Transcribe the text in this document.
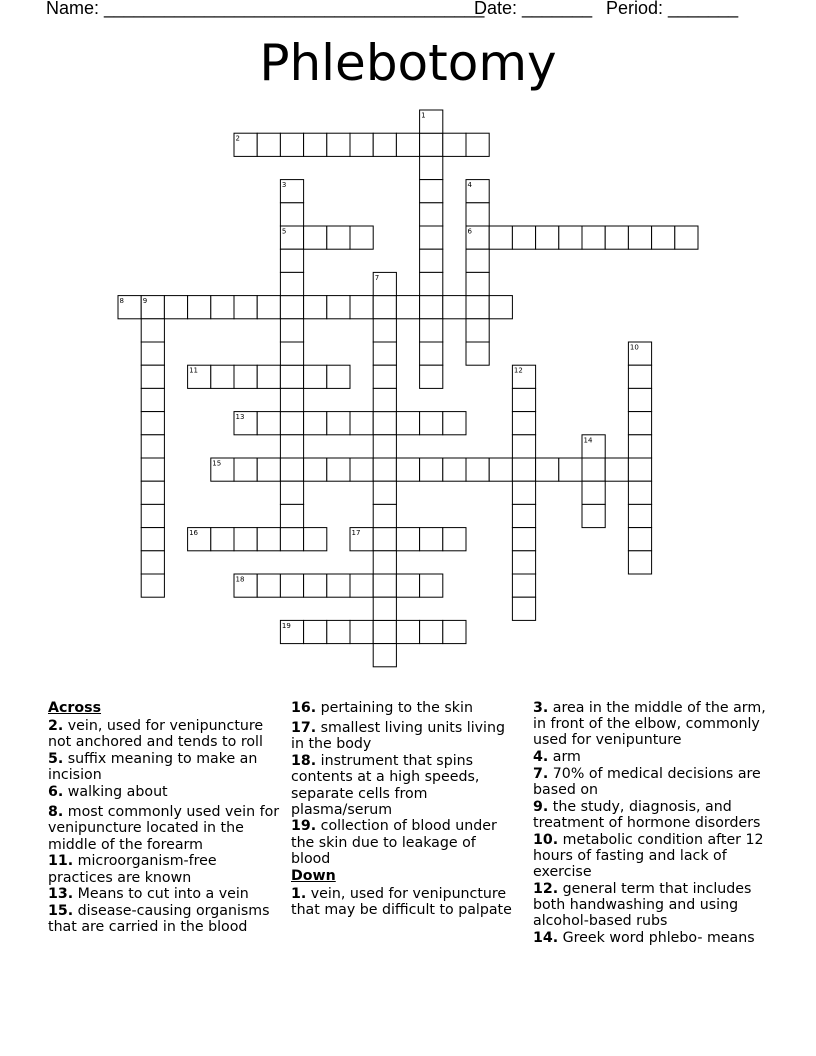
Name: ______________________________________
Date: _______ Period: _______
Phlebotomy
2
5	6
8
11
13
15
16	17
18
19
1
3	4
7
9
10
12
14
Across
2. vein, used for venipuncture not anchored and tends to roll
5. suffix meaning to make an incision
6. walking about
8. most commonly used vein for venipuncture located in the middle of the forearm
11. microorganism-free practices are known
13. Means to cut into a vein
15. disease-causing organisms that are carried in the blood
16. pertaining to the skin
17. smallest living units living in the body
18. instrument that spins contents at a high speeds, separate cells from plasma/serum
19. collection of blood under the skin due to leakage of blood
Down
1. vein, used for venipuncture that may be difficult to palpate
3. area in the middle of the arm, in front of the elbow, commonly used for venipunture
4. arm
7. 70% of medical decisions are based on
9. the study, diagnosis, and treatment of hormone disorders
10. metabolic condition after 12 hours of fasting and lack of exercise
12. general term that includes both handwashing and using alcohol-based rubs
14. Greek word phlebo- means
